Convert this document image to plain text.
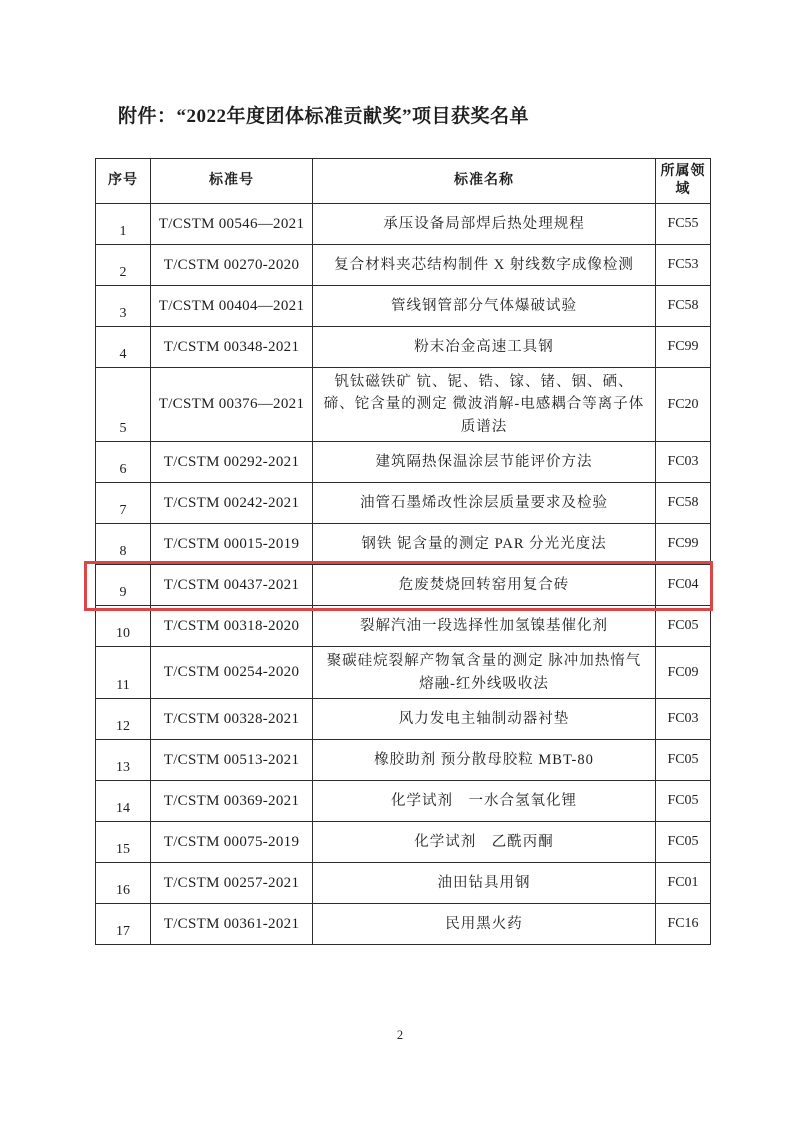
附件：“2022年度团体标准贡献奖”项目获奖名单
序号	标准号	标准名称	所属领域
1	T/CSTM 00546—2021	承压设备局部焊后热处理规程	FC55
2	T/CSTM 00270-2020	复合材料夹芯结构制件 X 射线数字成像检测	FC53
3	T/CSTM 00404—2021	管线钢管部分气体爆破试验	FC58
4	T/CSTM 00348-2021	粉末冶金高速工具钢	FC99
5	T/CSTM 00376—2021	钒钛磁铁矿 钪、铌、锆、镓、锗、铟、硒、碲、铊含量的测定 微波消解-电感耦合等离子体质谱法	FC20
6	T/CSTM 00292-2021	建筑隔热保温涂层节能评价方法	FC03
7	T/CSTM 00242-2021	油管石墨烯改性涂层质量要求及检验	FC58
8	T/CSTM 00015-2019	钢铁 铌含量的测定 PAR 分光光度法	FC99
9	T/CSTM 00437-2021	危废焚烧回转窑用复合砖	FC04
10	T/CSTM 00318-2020	裂解汽油一段选择性加氢镍基催化剂	FC05
11	T/CSTM 00254-2020	聚碳硅烷裂解产物氧含量的测定 脉冲加热惰气熔融-红外线吸收法	FC09
12	T/CSTM 00328-2021	风力发电主轴制动器衬垫	FC03
13	T/CSTM 00513-2021	橡胶助剂 预分散母胶粒 MBT-80	FC05
14	T/CSTM 00369-2021	化学试剂　一水合氢氧化锂	FC05
15	T/CSTM 00075-2019	化学试剂　乙酰丙酮	FC05
16	T/CSTM 00257-2021	油田钻具用钢	FC01
17	T/CSTM 00361-2021	民用黑火药	FC16
2
